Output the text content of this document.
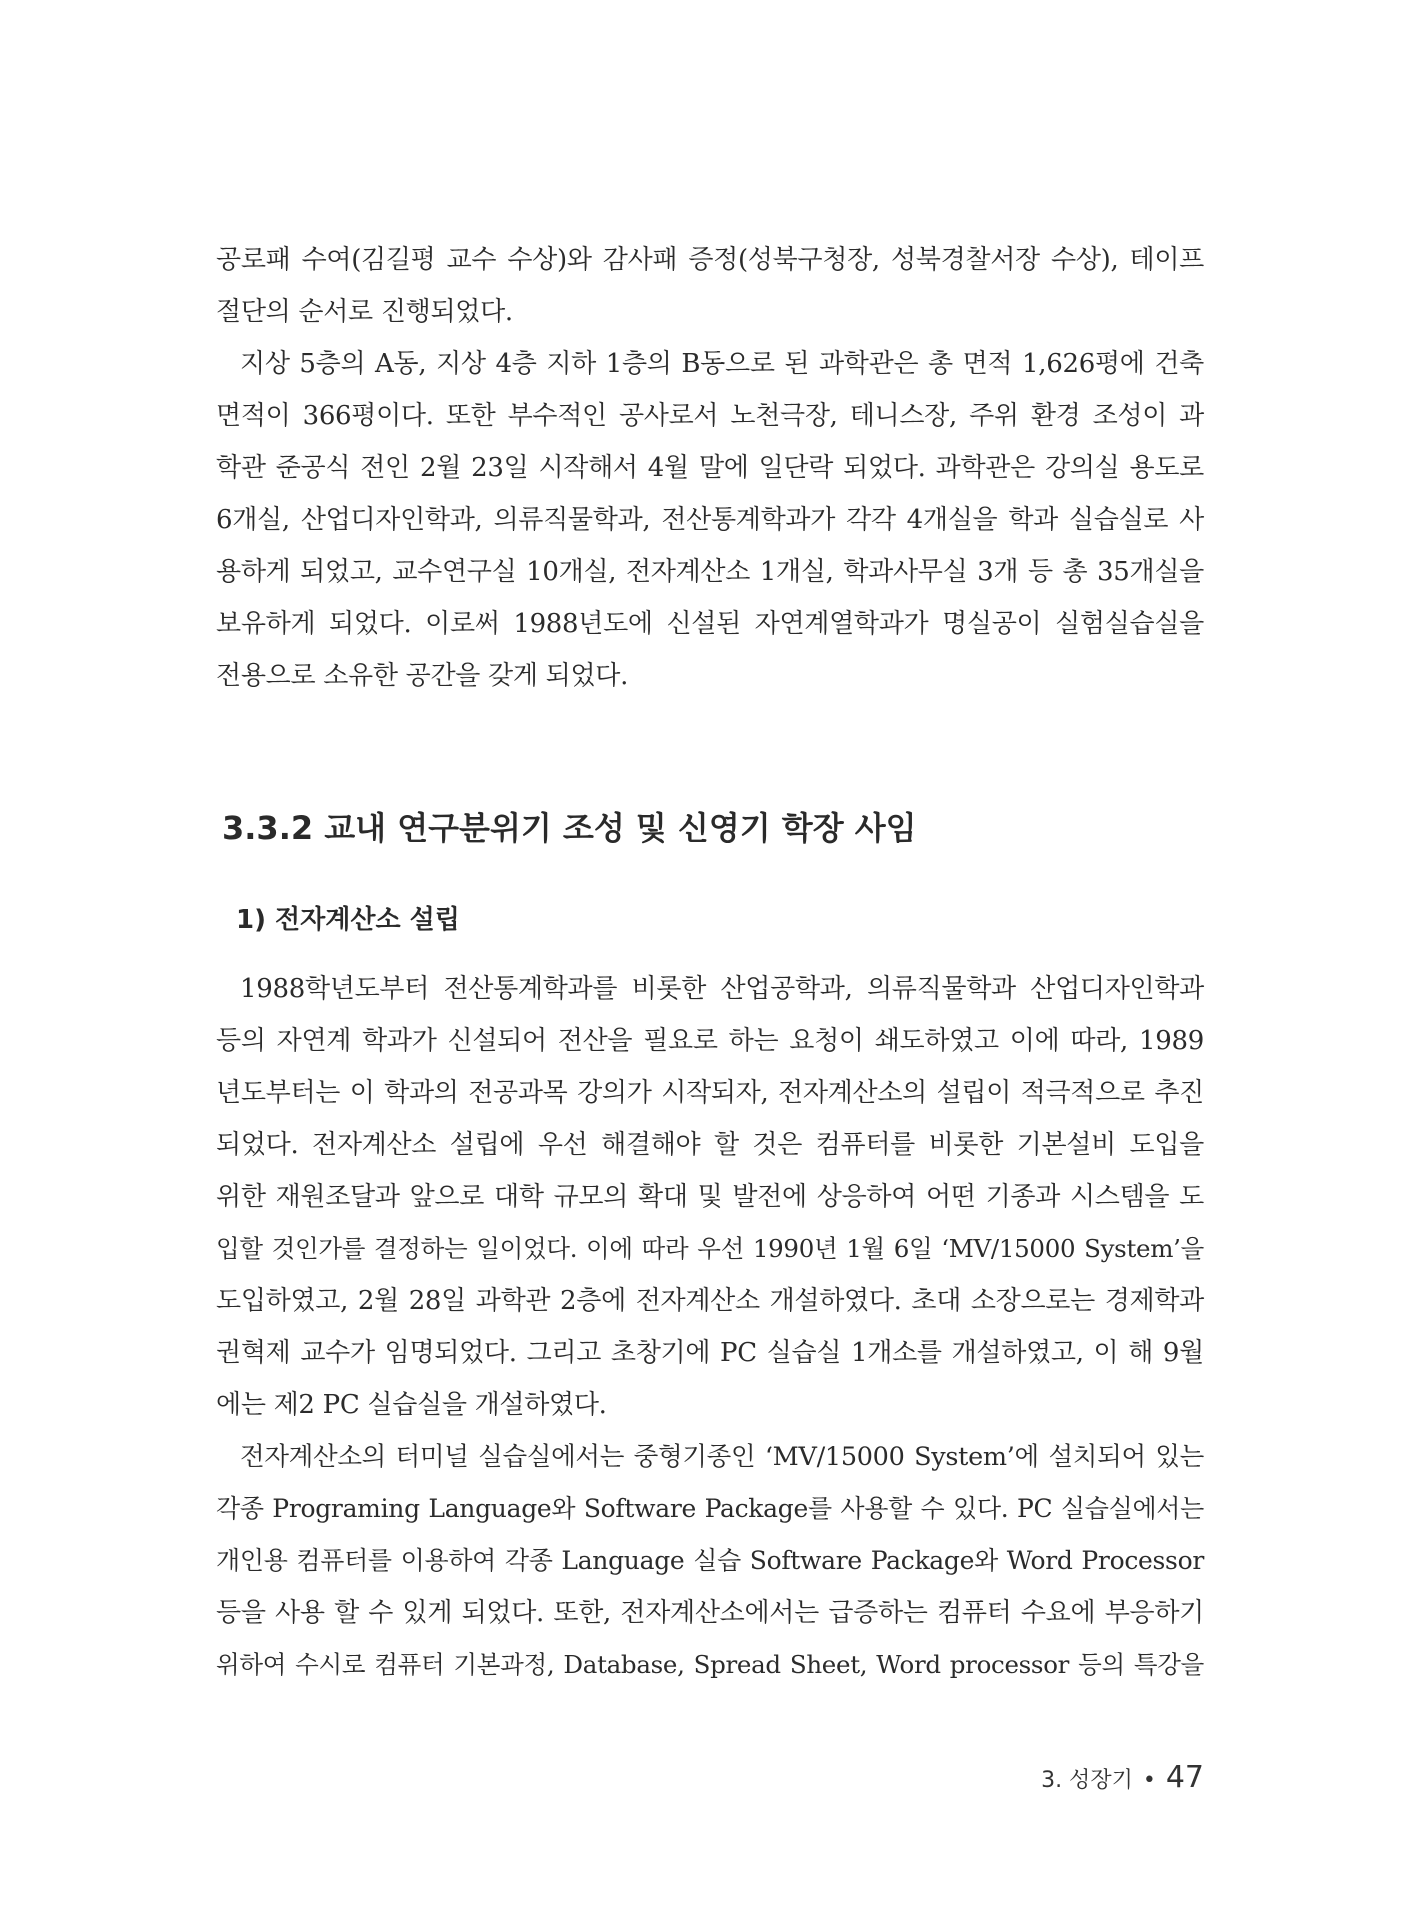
공로패 수여(김길평 교수 수상)와 감사패 증정(성북구청장, 성북경찰서장 수상), 테이프
절단의 순서로 진행되었다.
지상 5층의 A동, 지상 4층 지하 1층의 B동으로 된 과학관은 총 면적 1,626평에 건축
면적이 366평이다. 또한 부수적인 공사로서 노천극장, 테니스장, 주위 환경 조성이 과
학관 준공식 전인 2월 23일 시작해서 4월 말에 일단락 되었다. 과학관은 강의실 용도로
6개실, 산업디자인학과, 의류직물학과, 전산통계학과가 각각 4개실을 학과 실습실로 사
용하게 되었고, 교수연구실 10개실, 전자계산소 1개실, 학과사무실 3개 등 총 35개실을
보유하게 되었다. 이로써 1988년도에 신설된 자연계열학과가 명실공이 실험실습실을
전용으로 소유한 공간을 갖게 되었다.
3.3.2 교내 연구분위기 조성 및 신영기 학장 사임
1) 전자계산소 설립
1988학년도부터 전산통계학과를 비롯한 산업공학과, 의류직물학과 산업디자인학과
등의 자연계 학과가 신설되어 전산을 필요로 하는 요청이 쇄도하였고 이에 따라, 1989
년도부터는 이 학과의 전공과목 강의가 시작되자, 전자계산소의 설립이 적극적으로 추진
되었다. 전자계산소 설립에 우선 해결해야 할 것은 컴퓨터를 비롯한 기본설비 도입을
위한 재원조달과 앞으로 대학 규모의 확대 및 발전에 상응하여 어떤 기종과 시스템을 도
입할 것인가를 결정하는 일이었다. 이에 따라 우선 1990년 1월 6일 ‘MV/15000 System’을
도입하였고, 2월 28일 과학관 2층에 전자계산소 개설하였다. 초대 소장으로는 경제학과
권혁제 교수가 임명되었다. 그리고 초창기에 PC 실습실 1개소를 개설하였고, 이 해 9월
에는 제2 PC 실습실을 개설하였다.
전자계산소의 터미널 실습실에서는 중형기종인 ‘MV/15000 System’에 설치되어 있는
각종 Programing Language와 Software Package를 사용할 수 있다. PC 실습실에서는
개인용 컴퓨터를 이용하여 각종 Language 실습 Software Package와 Word Processor
등을 사용 할 수 있게 되었다. 또한, 전자계산소에서는 급증하는 컴퓨터 수요에 부응하기
위하여 수시로 컴퓨터 기본과정, Database, Spread Sheet, Word processor 등의 특강을
3. 성장기 • 47
